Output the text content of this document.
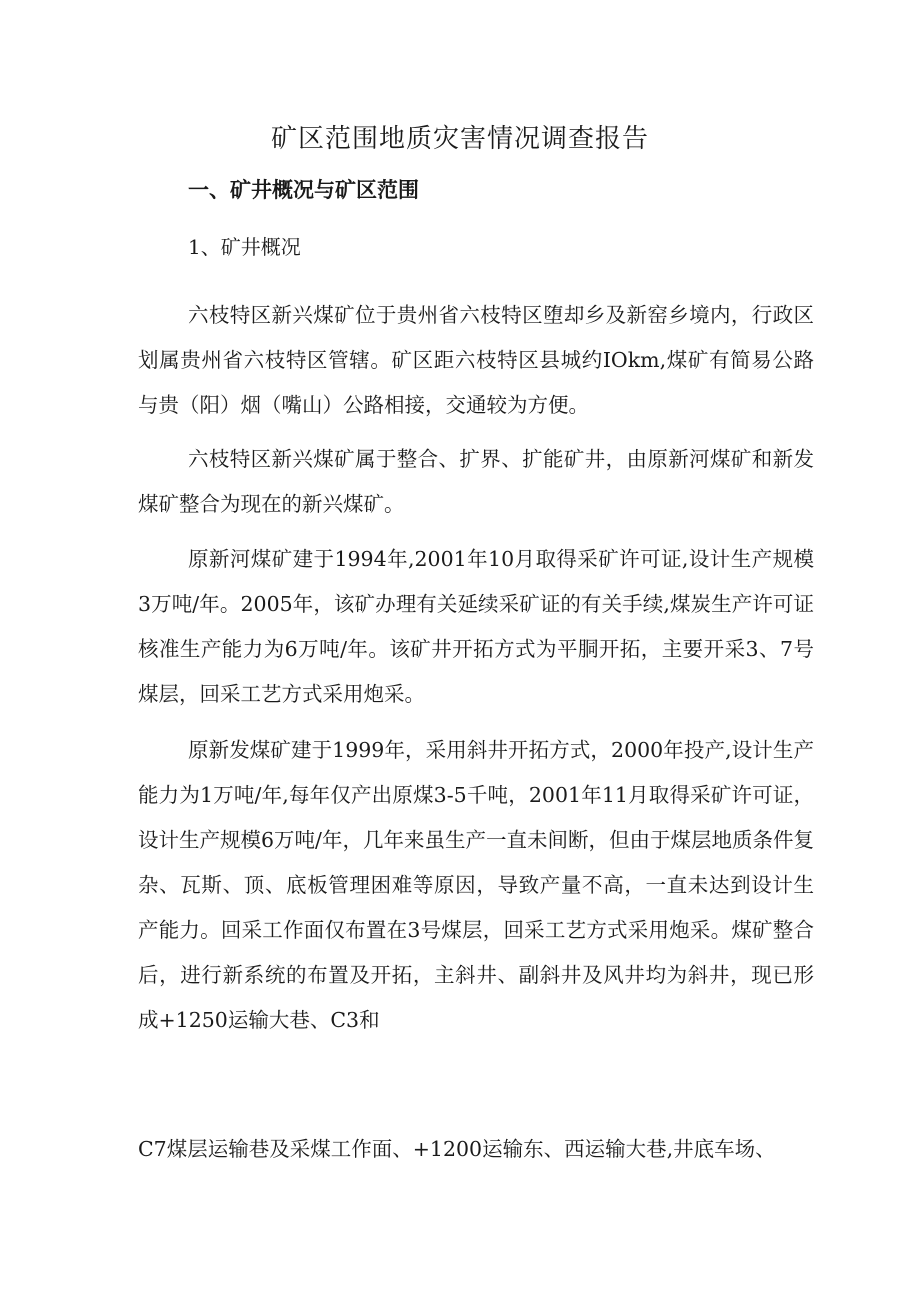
矿区范围地质灾害情况调查报告
一、矿井概况与矿区范围
1、矿井概况

六枝特区新兴煤矿位于贵州省六枝特区堕却乡及新窑乡境内，行政区划属贵州省六枝特区管辖。矿区距六枝特区县城约IOkm,煤矿有简易公路与贵（阳）烟（嘴山）公路相接，交通较为方便。

六枝特区新兴煤矿属于整合、扩界、扩能矿井，由原新河煤矿和新发煤矿整合为现在的新兴煤矿。

原新河煤矿建于1994年,2001年10月取得采矿许可证,设计生产规模3万吨/年。2005年，该矿办理有关延续采矿证的有关手续,煤炭生产许可证核准生产能力为6万吨/年。该矿井开拓方式为平胴开拓，主要开采3、7号煤层，回采工艺方式采用炮采。

原新发煤矿建于1999年，采用斜井开拓方式，2000年投产,设计生产能力为1万吨/年,每年仅产出原煤3-5千吨，2001年11月取得采矿许可证，设计生产规模6万吨/年，几年来虽生产一直未间断，但由于煤层地质条件复杂、瓦斯、顶、底板管理困难等原因，导致产量不高，一直未达到设计生产能力。回采工作面仅布置在3号煤层，回采工艺方式采用炮采。煤矿整合后，进行新系统的布置及开拓，主斜井、副斜井及风井均为斜井，现已形成+1250运输大巷、C3和

C7煤层运输巷及采煤工作面、+1200运输东、西运输大巷,井底车场、
